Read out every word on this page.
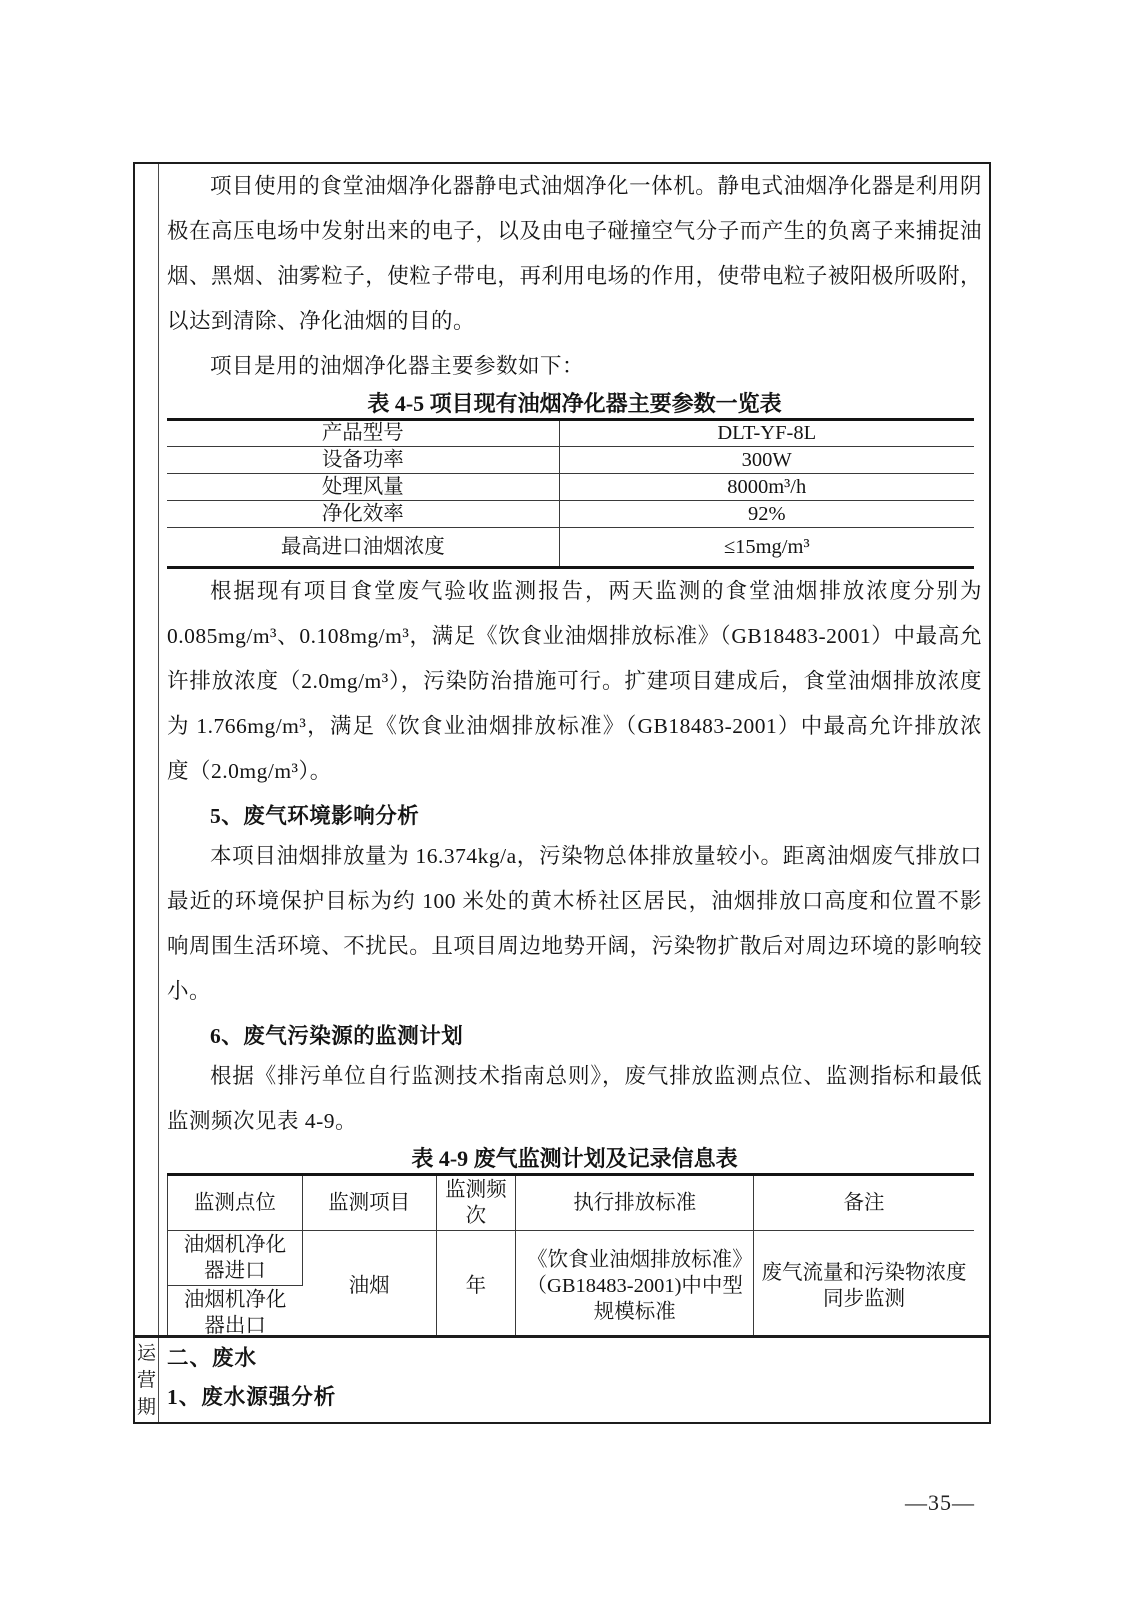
项目使用的食堂油烟净化器静电式油烟净化一体机。静电式油烟净化器是利用阴极在高压电场中发射出来的电子，以及由电子碰撞空气分子而产生的负离子来捕捉油烟、黑烟、油雾粒子，使粒子带电，再利用电场的作用，使带电粒子被阳极所吸附，以达到清除、净化油烟的目的。

项目是用的油烟净化器主要参数如下：

表 4-5 项目现有油烟净化器主要参数一览表
产品型号	DLT-YF-8L
设备功率	300W
处理风量	8000m³/h
净化效率	92%
最高进口油烟浓度	≤15mg/m³

根据现有项目食堂废气验收监测报告，两天监测的食堂油烟排放浓度分别为0.085mg/m³、0.108mg/m³，满足《饮食业油烟排放标准》（GB18483-2001）中最高允许排放浓度（2.0mg/m³），污染防治措施可行。扩建项目建成后，食堂油烟排放浓度为 1.766mg/m³，满足《饮食业油烟排放标准》（GB18483-2001）中最高允许排放浓度（2.0mg/m³）。

5、废气环境影响分析

本项目油烟排放量为 16.374kg/a，污染物总体排放量较小。距离油烟废气排放口最近的环境保护目标为约 100 米处的黄木桥社区居民，油烟排放口高度和位置不影响周围生活环境、不扰民。且项目周边地势开阔，污染物扩散后对周边环境的影响较小。

6、废气污染源的监测计划

根据《排污单位自行监测技术指南总则》，废气排放监测点位、监测指标和最低监测频次见表 4-9。

表 4-9 废气监测计划及记录信息表
监测点位	监测项目	监测频次	执行排放标准	备注
油烟机净化器进口	油烟	年	《饮食业油烟排放标准》（GB18483-2001)中中型规模标准	废气流量和污染物浓度同步监测
油烟机净化器出口				
运营期

二、废水

1、废水源强分析

—35—
